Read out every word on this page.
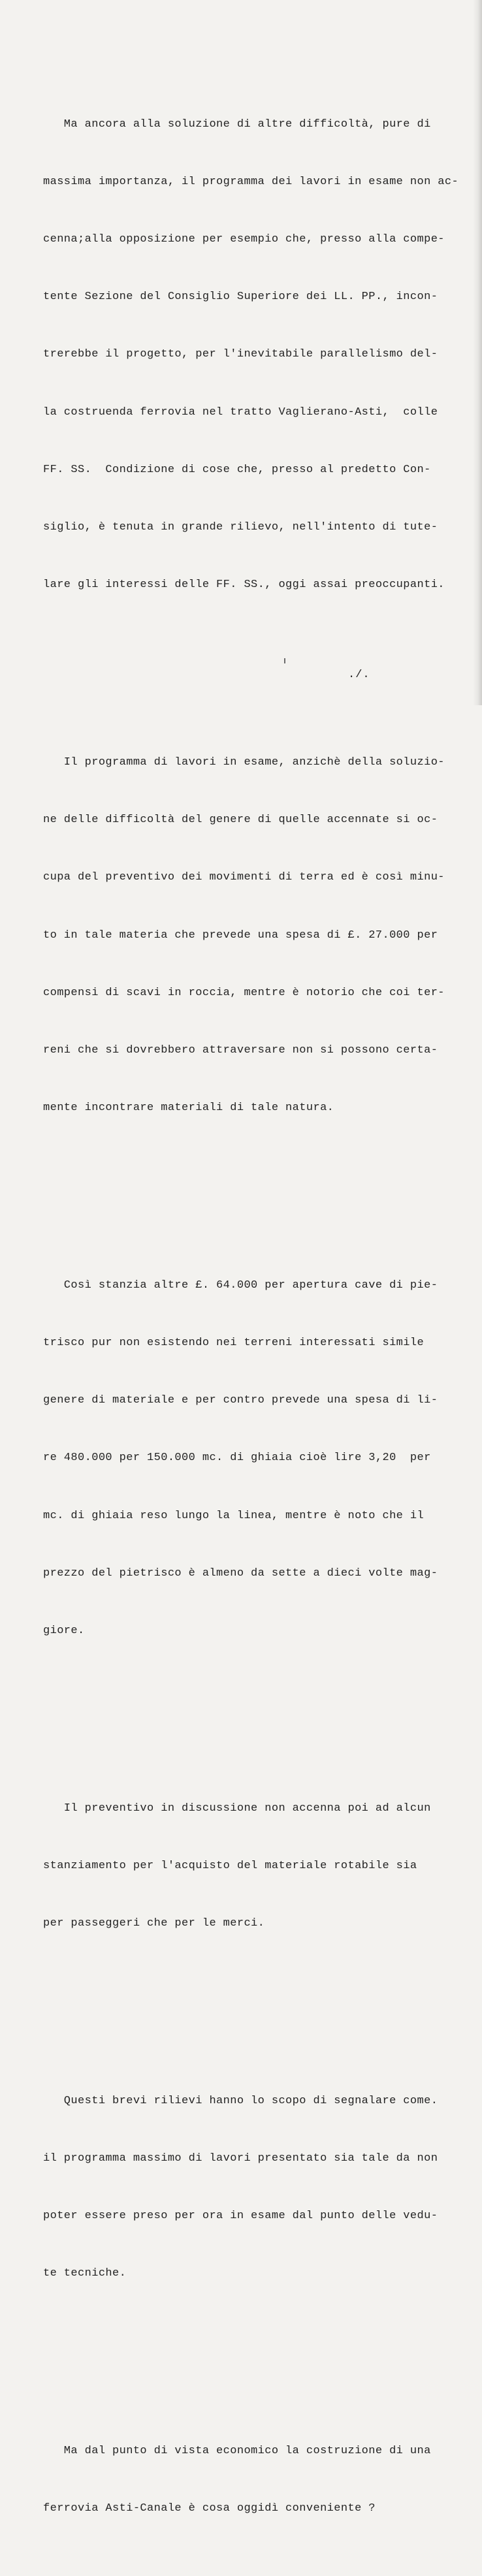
Ma ancora alla soluzione di altre difficoltà, pure di

massima importanza, il programma dei lavori in esame non ac-

cenna;alla opposizione per esempio che, presso alla compe-

tente Sezione del Consiglio Superiore dei LL. PP., incon-

trerebbe il progetto, per l'inevitabile parallelismo del-

la costruenda ferrovia nel tratto Vaglierano-Asti,  colle

FF. SS.  Condizione di cose che, presso al predetto Con-

siglio, è tenuta in grande rilievo, nell'intento di tute-

lare gli interessi delle FF. SS., oggi assai preoccupanti.

Il programma di lavori in esame, anzichè della soluzio-

ne delle difficoltà del genere di quelle accennate si oc-

cupa del preventivo dei movimenti di terra ed è così minu-

to in tale materia che prevede una spesa di £. 27.000 per

compensi di scavi in roccia, mentre è notorio che coi ter-

reni che si dovrebbero attraversare non si possono certa-

mente incontrare materiali di tale natura.

Così stanzia altre £. 64.000 per apertura cave di pie-

trisco pur non esistendo nei terreni interessati simile

genere di materiale e per contro prevede una spesa di li-

re 480.000 per 150.000 mc. di ghiaia cioè lire 3,20  per

mc. di ghiaia reso lungo la linea, mentre è noto che il

prezzo del pietrisco è almeno da sette a dieci volte mag-

giore.

Il preventivo in discussione non accenna poi ad alcun

stanziamento per l'acquisto del materiale rotabile sia

per passeggeri che per le merci.

Questi brevi rilievi hanno lo scopo di segnalare come.

il programma massimo di lavori presentato sia tale da non

poter essere preso per ora in esame dal punto delle vedu-

te tecniche.

Ma dal punto di vista economico la costruzione di una

ferrovia Asti-Canale è cosa oggidì conveniente ?

./.
